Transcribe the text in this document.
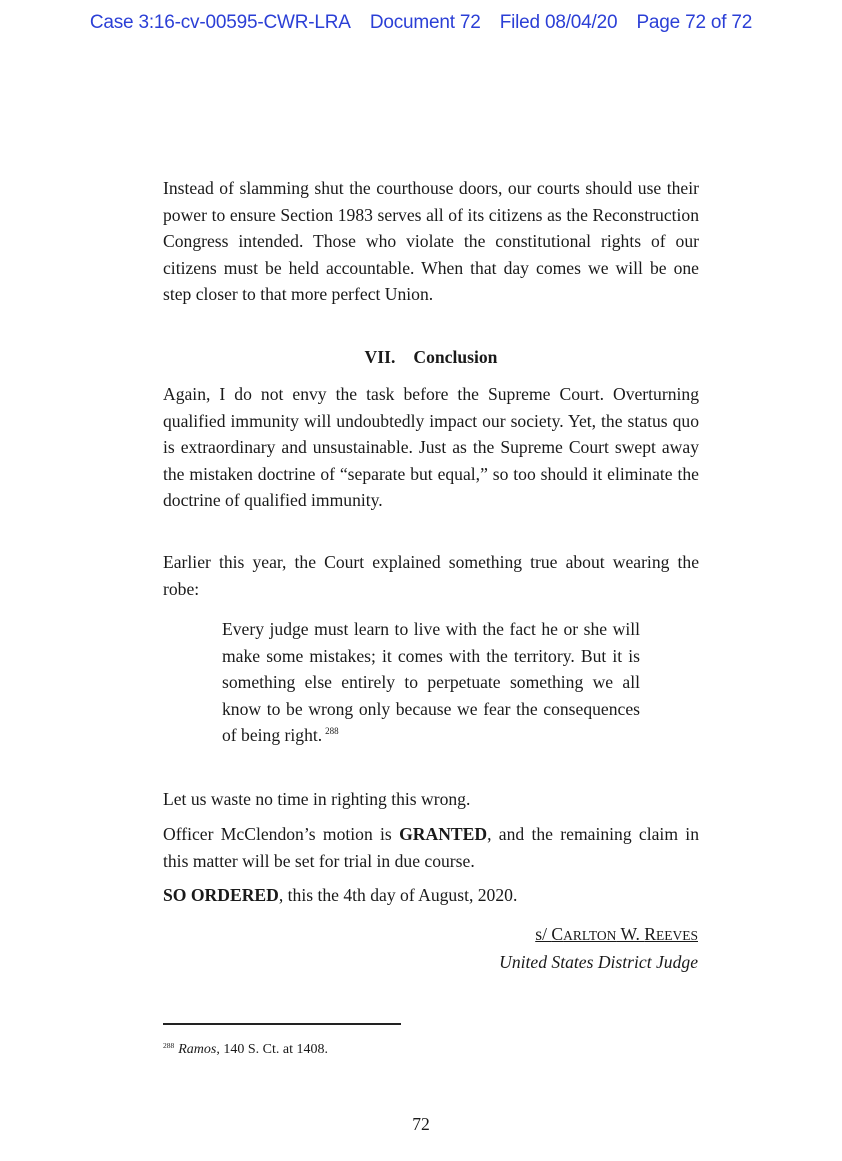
Case 3:16-cv-00595-CWR-LRA Document 72 Filed 08/04/20 Page 72 of 72

Instead of slamming shut the courthouse doors, our courts should use their power to ensure Section 1983 serves all of its citizens as the Reconstruction Congress intended. Those who violate the constitutional rights of our citizens must be held accountable. When that day comes we will be one step closer to that more perfect Union.

VII. Conclusion

Again, I do not envy the task before the Supreme Court. Overturning qualified immunity will undoubtedly impact our society. Yet, the status quo is extraordinary and unsustainable. Just as the Supreme Court swept away the mistaken doctrine of “separate but equal,” so too should it eliminate the doctrine of qualified immunity.

Earlier this year, the Court explained something true about wearing the robe:

Every judge must learn to live with the fact he or she will make some mistakes; it comes with the territory. But it is something else entirely to perpetuate something we all know to be wrong only because we fear the consequences of being right. $^{288}$

Let us waste no time in righting this wrong.

Officer McClendon’s motion is GRANTED, and the remaining claim in this matter will be set for trial in due course.

SO ORDERED, this the 4th day of August, 2020.

s/ CARLTON W. REEVES
United States District Judge

$^{288}$ Ramos, 140 S. Ct. at 1408.

72
